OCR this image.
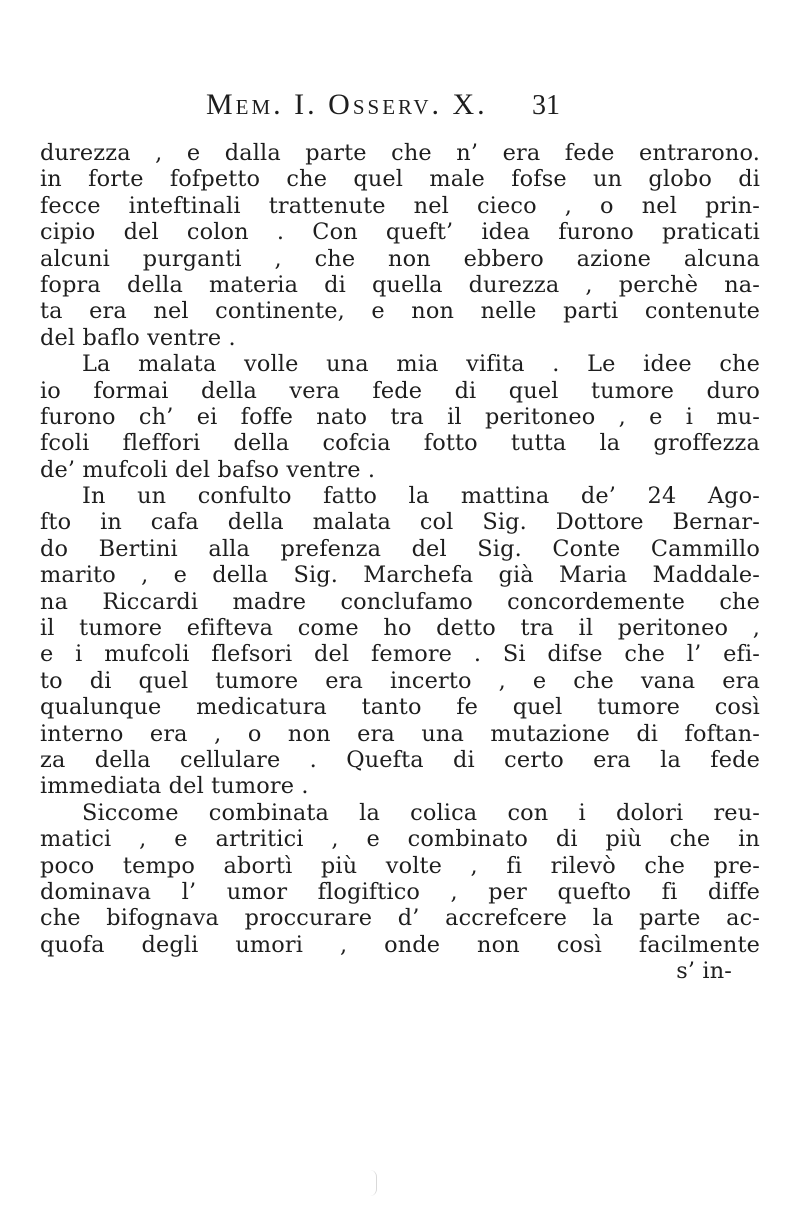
Mem. I. Osserv. X. 31
durezza , e dalla parte che n’ era fede entrarono.
in forte fofpetto che quel male fofse un globo di
fecce inteftinali trattenute nel cieco , o nel prin-
cipio del colon . Con queft’ idea furono praticati
alcuni purganti , che non ebbero azione alcuna
fopra della materia di quella durezza , perchè na-
ta era nel continente, e non nelle parti contenute
del baflo ventre .
La malata volle una mia vifita . Le idee che
io formai della vera fede di quel tumore duro
furono ch’ ei foffe nato tra il peritoneo , e i mu-
fcoli fleffori della cofcia fotto tutta la groffezza
de’ mufcoli del bafso ventre .
In un confulto fatto la mattina de’ 24 Ago-
fto in cafa della malata col Sig. Dottore Bernar-
do Bertini alla prefenza del Sig. Conte Cammillo
marito , e della Sig. Marchefa già Maria Maddale-
na Riccardi madre conclufamo concordemente che
il tumore efifteva come ho detto tra il peritoneo ,
e i mufcoli flefsori del femore . Si difse che l’ efi-
to di quel tumore era incerto , e che vana era
qualunque medicatura tanto fe quel tumore così
interno era , o non era una mutazione di foftan-
za della cellulare . Quefta di certo era la fede
immediata del tumore .
Siccome combinata la colica con i dolori reu-
matici , e artritici , e combinato di più che in
poco tempo abortì più volte , fi rilevò che pre-
dominava l’ umor flogiftico , per quefto fi diffe
che bifognava proccurare d’ accrefcere la parte ac-
quofa degli umori , onde non così facilmente
s’ in-
